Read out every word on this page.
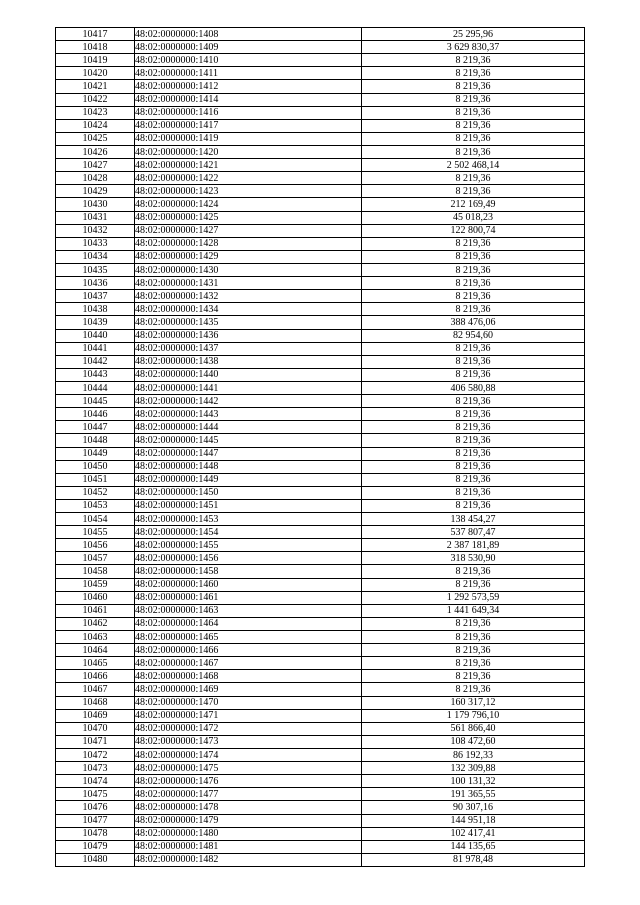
10417	48:02:0000000:1408	25 295,96
10418	48:02:0000000:1409	3 629 830,37
10419	48:02:0000000:1410	8 219,36
10420	48:02:0000000:1411	8 219,36
10421	48:02:0000000:1412	8 219,36
10422	48:02:0000000:1414	8 219,36
10423	48:02:0000000:1416	8 219,36
10424	48:02:0000000:1417	8 219,36
10425	48:02:0000000:1419	8 219,36
10426	48:02:0000000:1420	8 219,36
10427	48:02:0000000:1421	2 502 468,14
10428	48:02:0000000:1422	8 219,36
10429	48:02:0000000:1423	8 219,36
10430	48:02:0000000:1424	212 169,49
10431	48:02:0000000:1425	45 018,23
10432	48:02:0000000:1427	122 800,74
10433	48:02:0000000:1428	8 219,36
10434	48:02:0000000:1429	8 219,36
10435	48:02:0000000:1430	8 219,36
10436	48:02:0000000:1431	8 219,36
10437	48:02:0000000:1432	8 219,36
10438	48:02:0000000:1434	8 219,36
10439	48:02:0000000:1435	388 476,06
10440	48:02:0000000:1436	82 954,60
10441	48:02:0000000:1437	8 219,36
10442	48:02:0000000:1438	8 219,36
10443	48:02:0000000:1440	8 219,36
10444	48:02:0000000:1441	406 580,88
10445	48:02:0000000:1442	8 219,36
10446	48:02:0000000:1443	8 219,36
10447	48:02:0000000:1444	8 219,36
10448	48:02:0000000:1445	8 219,36
10449	48:02:0000000:1447	8 219,36
10450	48:02:0000000:1448	8 219,36
10451	48:02:0000000:1449	8 219,36
10452	48:02:0000000:1450	8 219,36
10453	48:02:0000000:1451	8 219,36
10454	48:02:0000000:1453	138 454,27
10455	48:02:0000000:1454	537 807,47
10456	48:02:0000000:1455	2 387 181,89
10457	48:02:0000000:1456	318 530,90
10458	48:02:0000000:1458	8 219,36
10459	48:02:0000000:1460	8 219,36
10460	48:02:0000000:1461	1 292 573,59
10461	48:02:0000000:1463	1 441 649,34
10462	48:02:0000000:1464	8 219,36
10463	48:02:0000000:1465	8 219,36
10464	48:02:0000000:1466	8 219,36
10465	48:02:0000000:1467	8 219,36
10466	48:02:0000000:1468	8 219,36
10467	48:02:0000000:1469	8 219,36
10468	48:02:0000000:1470	160 317,12
10469	48:02:0000000:1471	1 179 796,10
10470	48:02:0000000:1472	561 866,40
10471	48:02:0000000:1473	108 472,60
10472	48:02:0000000:1474	86 192,33
10473	48:02:0000000:1475	132 309,88
10474	48:02:0000000:1476	100 131,32
10475	48:02:0000000:1477	191 365,55
10476	48:02:0000000:1478	90 307,16
10477	48:02:0000000:1479	144 951,18
10478	48:02:0000000:1480	102 417,41
10479	48:02:0000000:1481	144 135,65
10480	48:02:0000000:1482	81 978,48
